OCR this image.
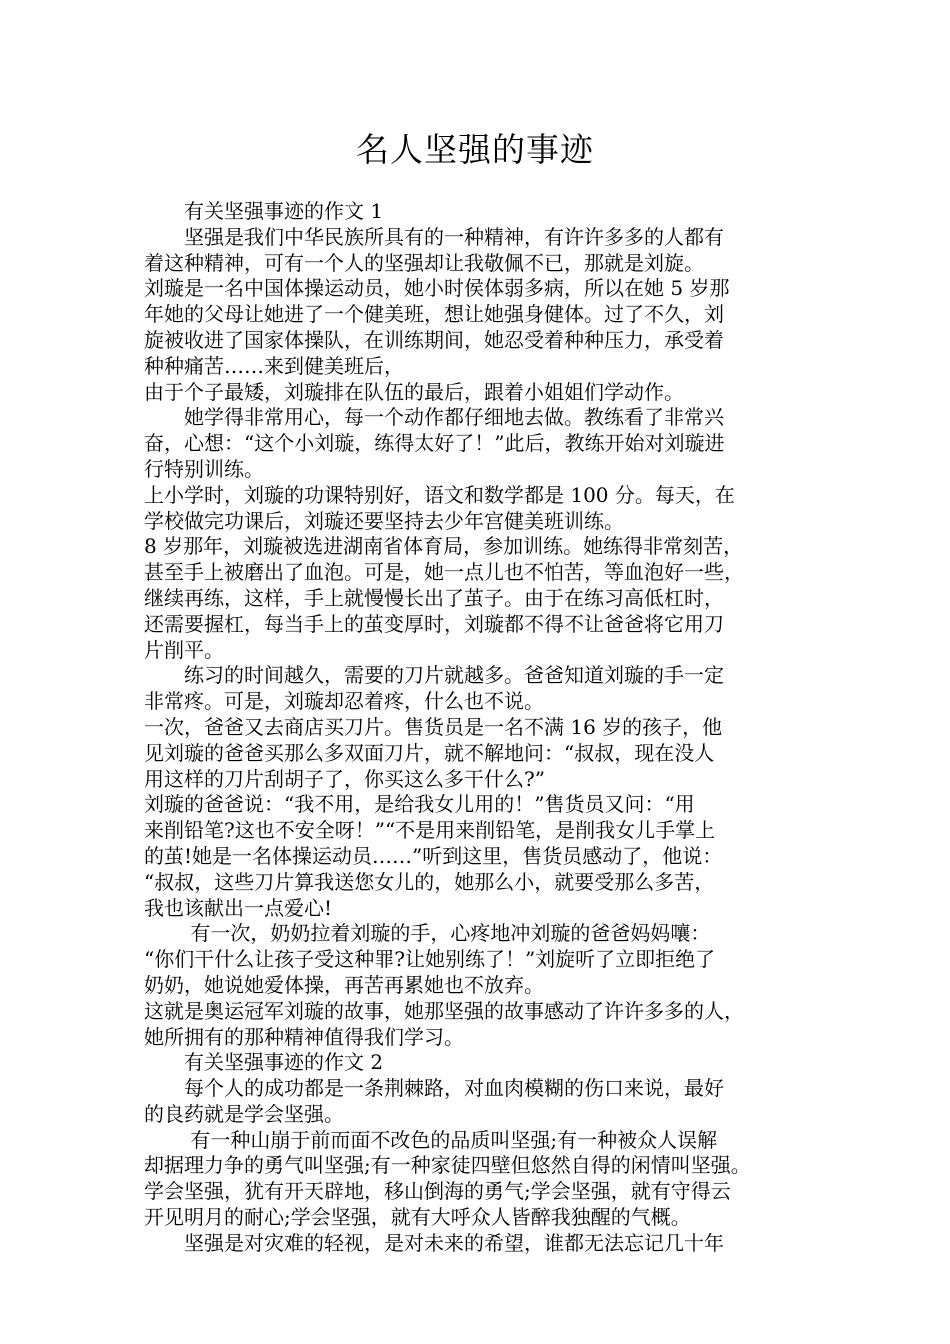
名人坚强的事迹

　　有关坚强事迹的作文 1

　　坚强是我们中华民族所具有的一种精神，有许许多多的人都有
着这种精神，可有一个人的坚强却让我敬佩不已，那就是刘旋。

刘璇是一名中国体操运动员，她小时侯体弱多病，所以在她 5 岁那
年她的父母让她进了一个健美班，想让她强身健体。过了不久，刘
旋被收进了国家体操队，在训练期间，她忍受着种种压力，承受着
种种痛苦……来到健美班后，

由于个子最矮，刘璇排在队伍的最后，跟着小姐姐们学动作。

　　她学得非常用心，每一个动作都仔细地去做。教练看了非常兴
奋，心想：“这个小刘璇，练得太好了！”此后，教练开始对刘璇进
行特别训练。

上小学时，刘璇的功课特别好，语文和数学都是 100 分。每天，在
学校做完功课后，刘璇还要坚持去少年宫健美班训练。

8 岁那年，刘璇被选进湖南省体育局，参加训练。她练得非常刻苦，
甚至手上被磨出了血泡。可是，她一点儿也不怕苦，等血泡好一些，
继续再练，这样，手上就慢慢长出了茧子。由于在练习高低杠时，
还需要握杠，每当手上的茧变厚时，刘璇都不得不让爸爸将它用刀
片削平。

　　练习的时间越久，需要的刀片就越多。爸爸知道刘璇的手一定
非常疼。可是，刘璇却忍着疼，什么也不说。

一次，爸爸又去商店买刀片。售货员是一名不满 16 岁的孩子，他
见刘璇的爸爸买那么多双面刀片，就不解地问：“叔叔，现在没人
用这样的刀片刮胡子了，你买这么多干什么?”

刘璇的爸爸说：“我不用，是给我女儿用的！”售货员又问：“用
来削铅笔?这也不安全呀！”“不是用来削铅笔，是削我女儿手掌上
的茧!她是一名体操运动员……”听到这里，售货员感动了，他说：
“叔叔，这些刀片算我送您女儿的，她那么小，就要受那么多苦，
我也该献出一点爱心!

　　 有一次，奶奶拉着刘璇的手，心疼地冲刘璇的爸爸妈妈嚷：
“你们干什么让孩子受这种罪?让她别练了！”刘旋听了立即拒绝了
奶奶，她说她爱体操，再苦再累她也不放弃。

这就是奥运冠军刘璇的故事，她那坚强的故事感动了许许多多的人，
她所拥有的那种精神值得我们学习。

　　有关坚强事迹的作文 2

　　每个人的成功都是一条荆棘路，对血肉模糊的伤口来说，最好
的良药就是学会坚强。

　　 有一种山崩于前而面不改色的品质叫坚强;有一种被众人误解
却据理力争的勇气叫坚强;有一种家徒四壁但悠然自得的闲情叫坚强。
学会坚强，犹有开天辟地，移山倒海的勇气;学会坚强，就有守得云
开见明月的耐心;学会坚强，就有大呼众人皆醉我独醒的气概。

　　坚强是对灾难的轻视，是对未来的希望，谁都无法忘记几十年
